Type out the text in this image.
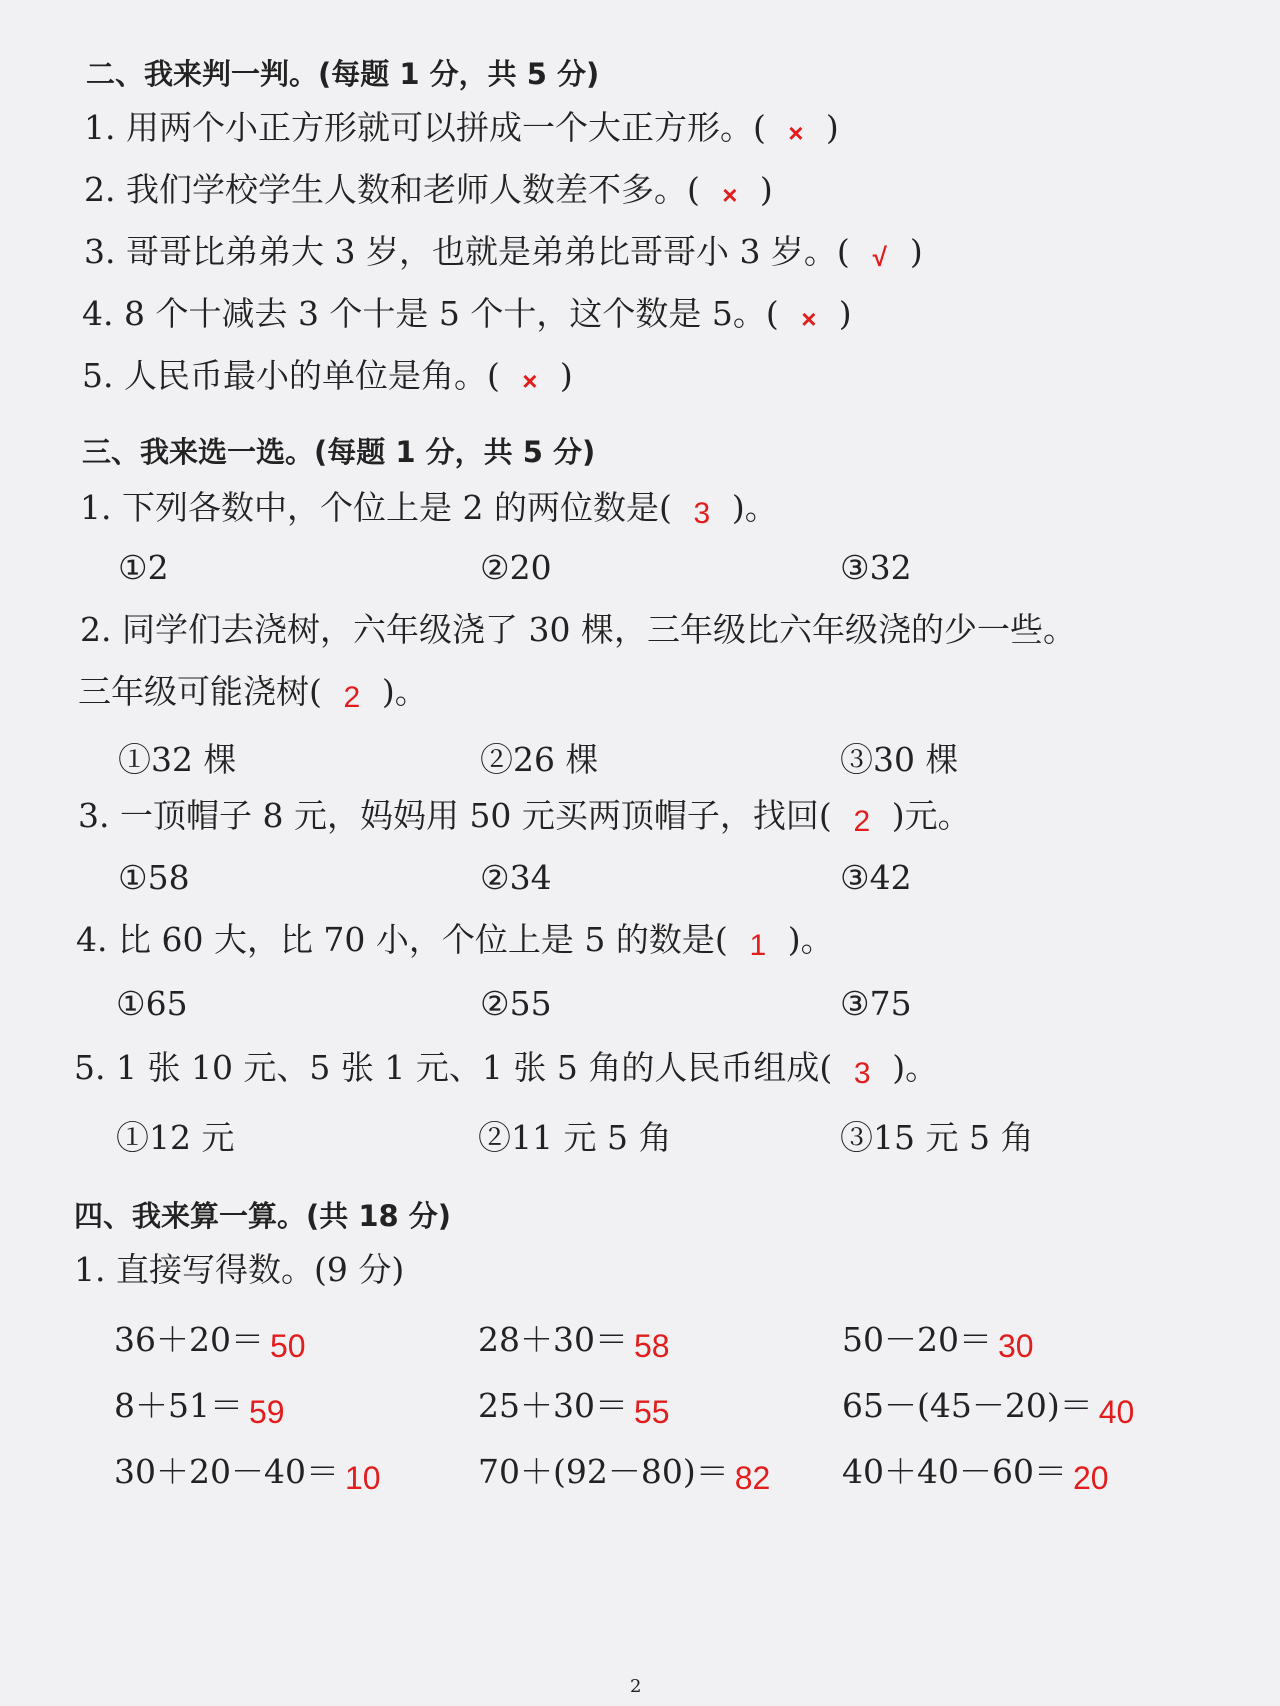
二、我来判一判。(每题 1 分，共 5 分)
1. 用两个小正方形就可以拼成一个大正方形。( × )
2. 我们学校学生人数和老师人数差不多。( × )
3. 哥哥比弟弟大 3 岁，也就是弟弟比哥哥小 3 岁。( √ )
4. 8 个十减去 3 个十是 5 个十，这个数是 5。( × )
5. 人民币最小的单位是角。( × )
三、我来选一选。(每题 1 分，共 5 分)
1. 下列各数中，个位上是 2 的两位数是( 3 )。
①2	②20	③32
2. 同学们去浇树，六年级浇了 30 棵，三年级比六年级浇的少一些。
三年级可能浇树( 2 )。
①32 棵	②26 棵	③30 棵
3. 一顶帽子 8 元，妈妈用 50 元买两顶帽子，找回( 2 )元。
①58	②34	③42
4. 比 60 大，比 70 小，个位上是 5 的数是( 1 )。
①65	②55	③75
5. 1 张 10 元、5 张 1 元、1 张 5 角的人民币组成( 3 )。
①12 元	②11 元 5 角	③15 元 5 角
四、我来算一算。(共 18 分)
1. 直接写得数。(9 分)
36＋20＝ 50	28＋30＝ 58	50－20＝ 30
8＋51＝ 59	25＋30＝ 55	65－(45－20)＝ 40
30＋20－40＝ 10	70＋(92－80)＝ 82 40＋40－60＝ 20
2
